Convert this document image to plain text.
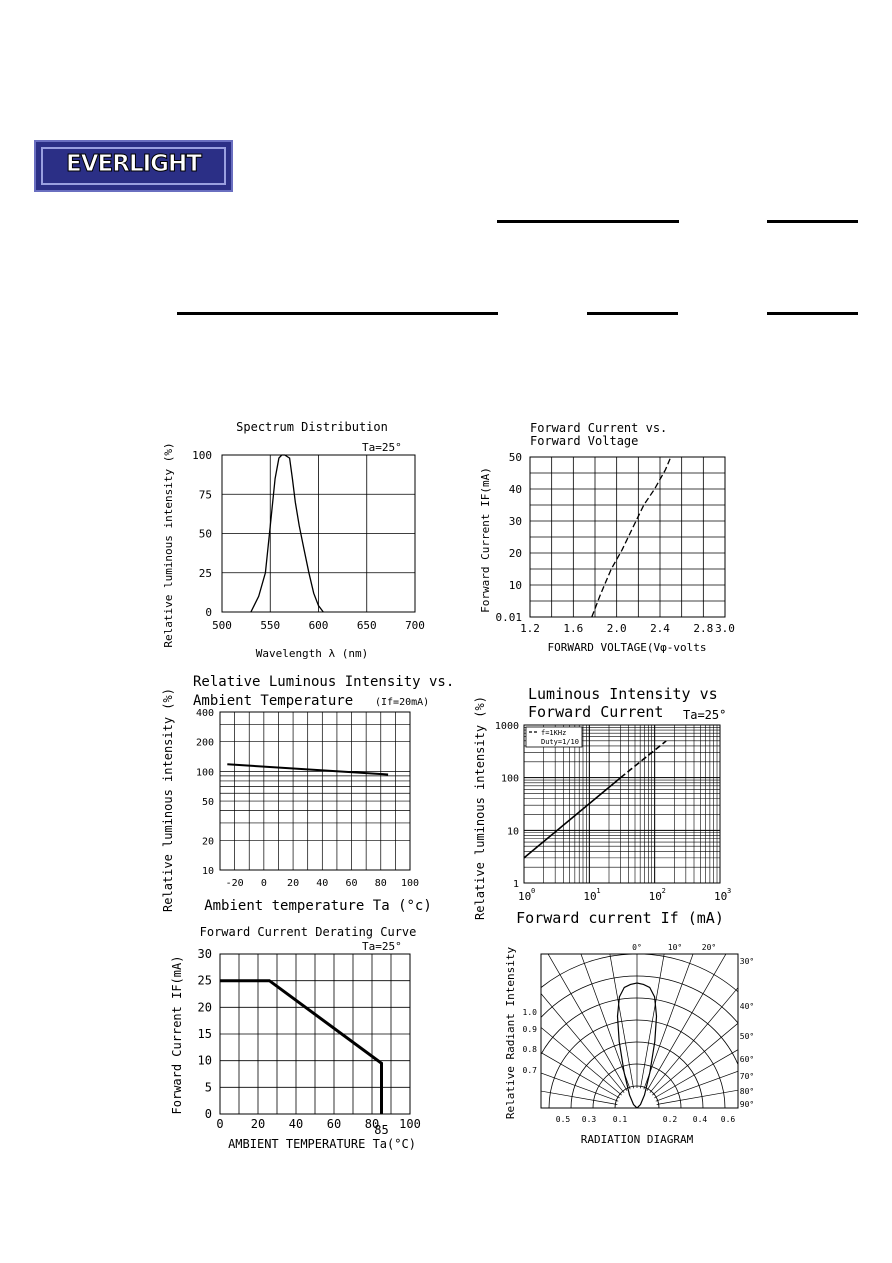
EVERLIGHT
500	550	600	650	700
0
25
50
75
100
Spectrum Distribution
Ta=25°
Wavelength λ (nm)
Relative luminous intensity (%)	1.2 1.6 2.0 2.4 2.8 3.0
0.01
10
20
30
40
50
Forward Current vs.
Forward Voltage
FORWARD VOLTAGE(Vφ-volts
Forward Current IF(mA)
-20 0 20 40 60 80 100
10
20
50
100
200
400
Relative Luminous Intensity vs.
Ambient Temperature (If=20mA)
Ambient temperature Ta (°c)
Relative luminous intensity (%)	10 0	10 1	10 2	10 3
1
10
100
1000
Luminous Intensity vs
Forward Current Ta=25°
f=1KHz
Duty=1/10
Forward current If (mA)
Relative luminous intensity (%)
0 20 40 60 80 100
85
0
5
10
15
20
25
30
Forward Current Derating Curve
Ta=25°
AMBIENT TEMPERATURE Ta(°C)
Forward Current IF(mA)
0°	10° 20°
30°
40°
50°
60°
70°
80°
90°
1.0
0.9
0.8
0.7
0.5 0.3 0.1	0.2 0.4 0.6
RADIATION DIAGRAM
Relative Radiant Intensity
